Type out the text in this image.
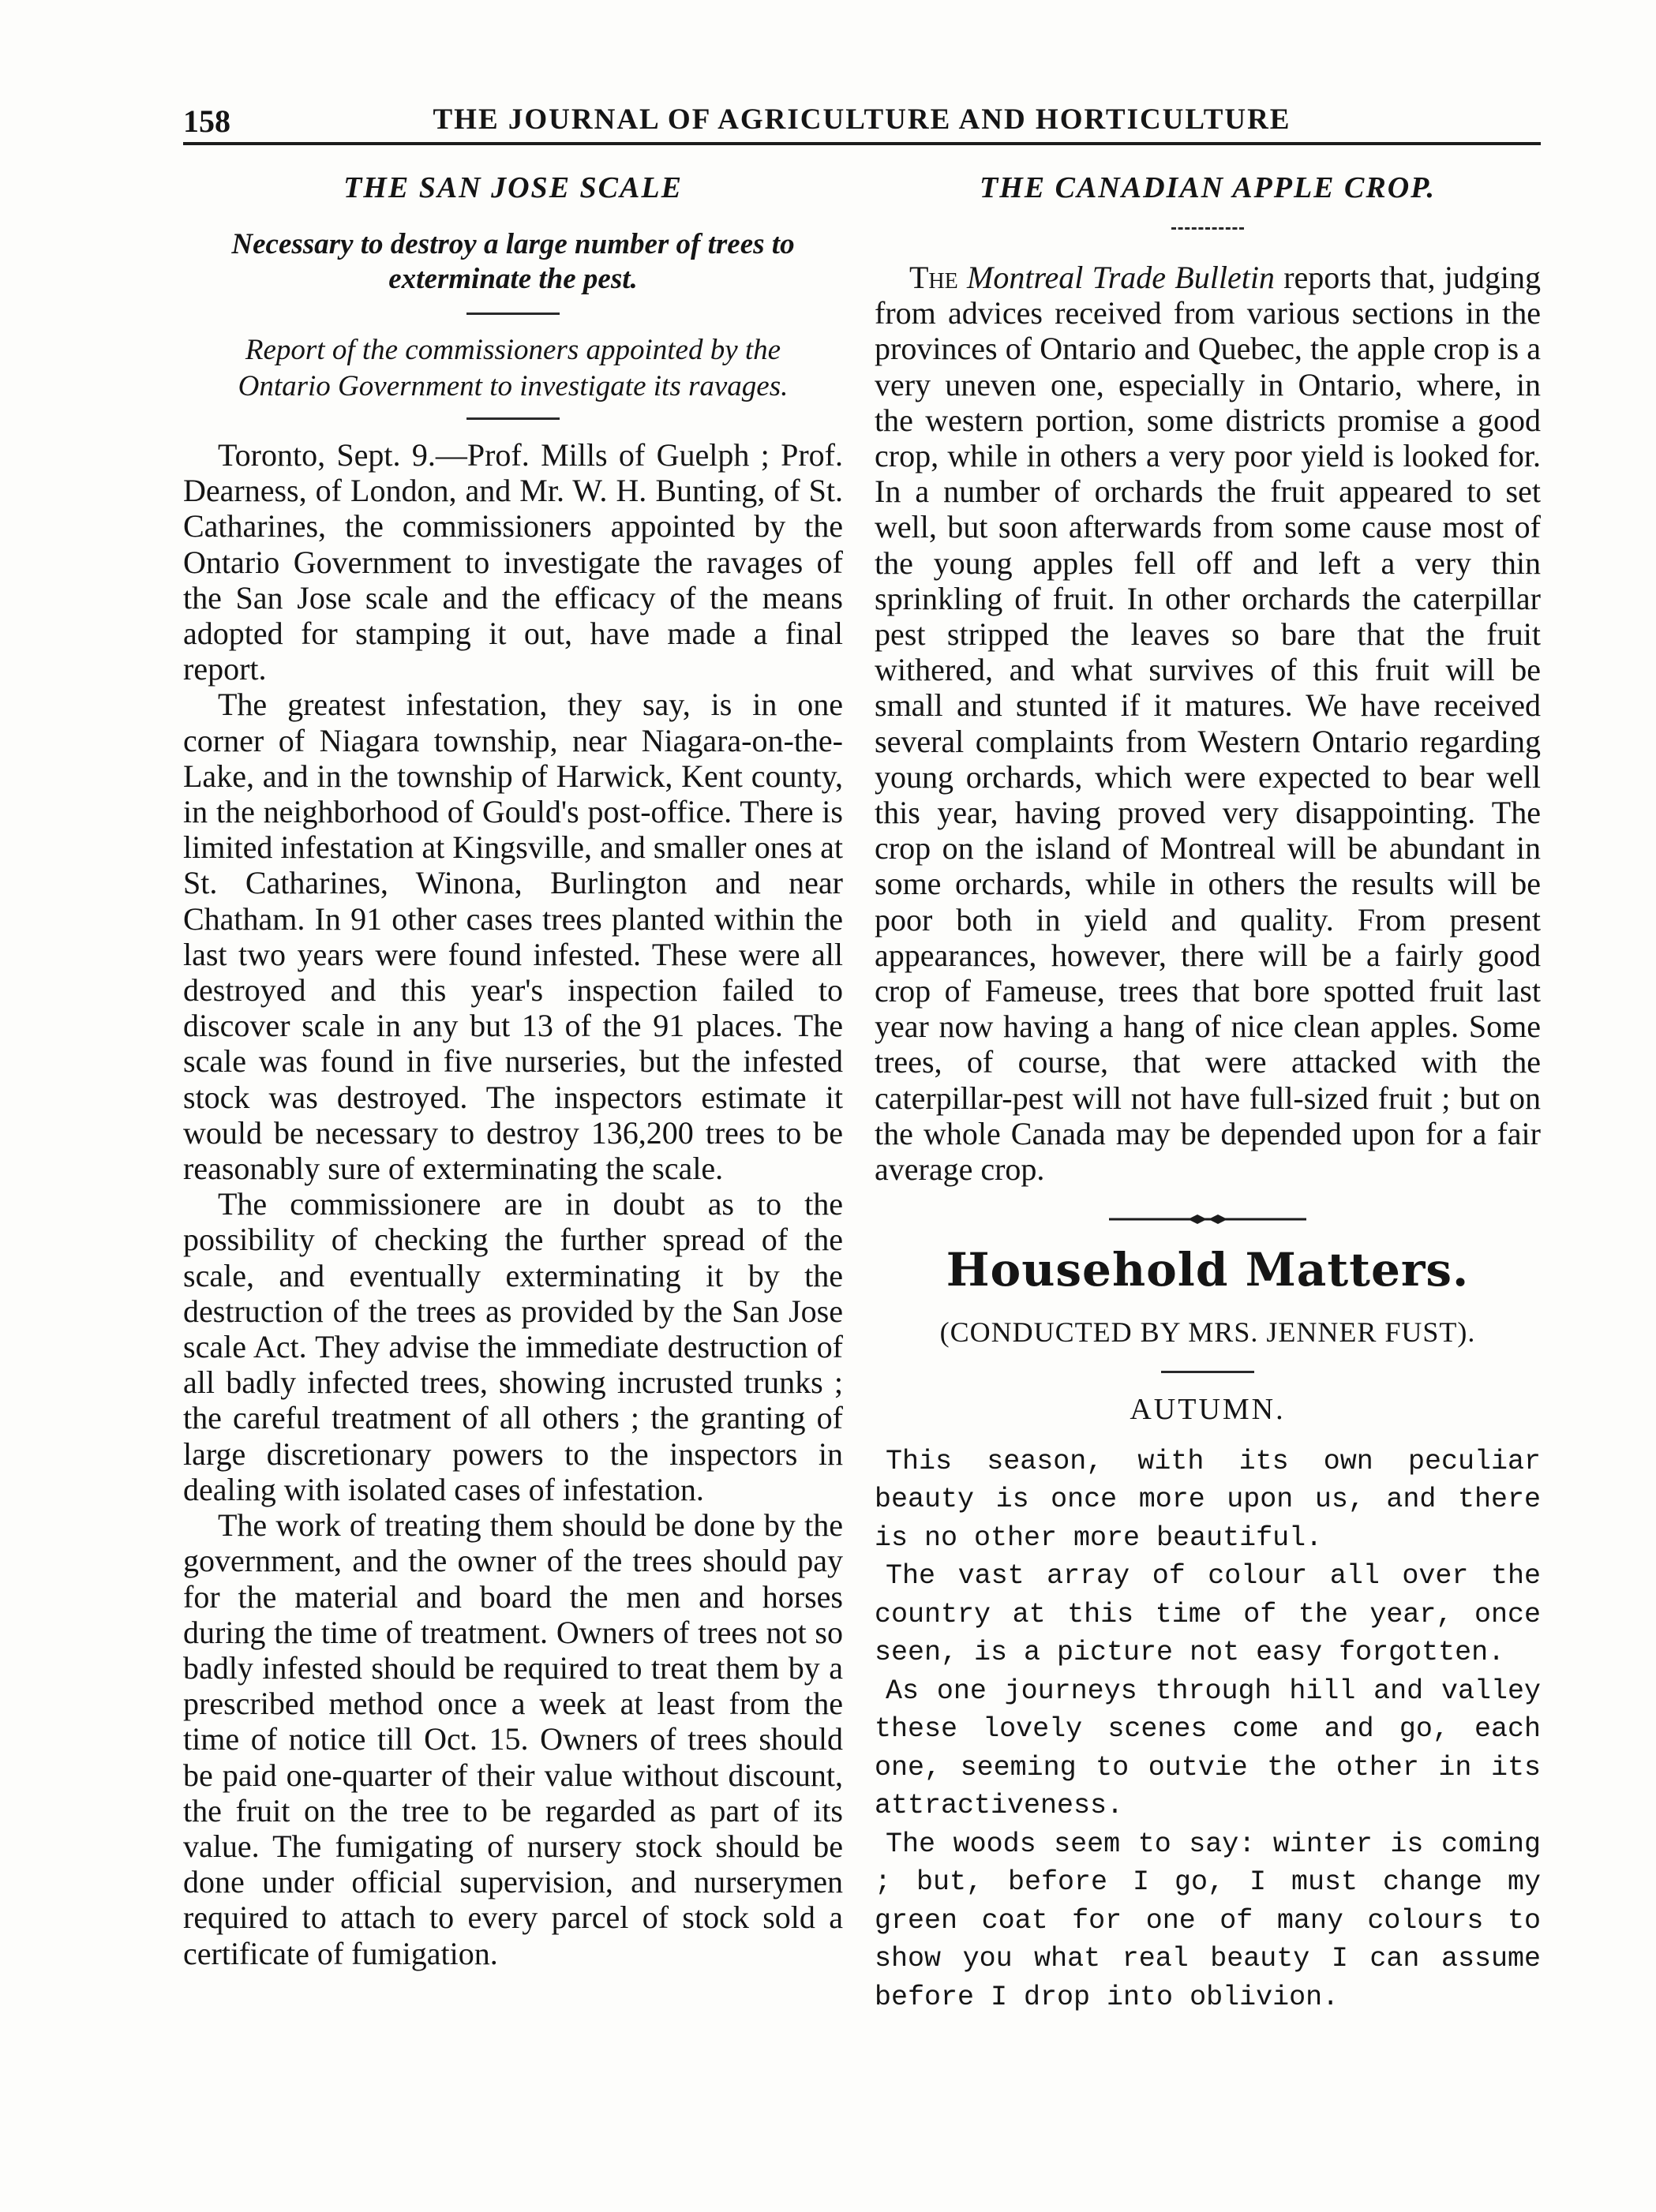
158	THE JOURNAL OF AGRICULTURE AND HORTICULTURE
THE SAN JOSE SCALE
Necessary to destroy a large number of trees to exterminate the pest.
Report of the commissioners appointed by the Ontario Government to investigate its ravages.

Toronto, Sept. 9.—Prof. Mills of Guelph ; Prof. Dearness, of London, and Mr. W. H. Bunting, of St. Catharines, the commissioners appointed by the Ontario Government to investigate the ravages of the San Jose scale and the efficacy of the means adopted for stamping it out, have made a final report.

The greatest infestation, they say, is in one corner of Niagara township, near Niagara-on-the-Lake, and in the township of Harwick, Kent county, in the neighborhood of Gould's post-office. There is limited infestation at Kingsville, and smaller ones at St. Catharines, Winona, Burlington and near Chatham. In 91 other cases trees planted within the last two years were found infested. These were all destroyed and this year's inspection failed to discover scale in any but 13 of the 91 places. The scale was found in five nurseries, but the infested stock was destroyed. The inspectors estimate it would be necessary to destroy 136,200 trees to be reasonably sure of exterminating the scale.

The commissionere are in doubt as to the possibility of checking the further spread of the scale, and eventually exterminating it by the destruction of the trees as provided by the San Jose scale Act. They advise the immediate destruction of all badly infected trees, showing incrusted trunks ; the careful treatment of all others ; the granting of large discretionary powers to the inspectors in dealing with isolated cases of infestation.

The work of treating them should be done by the government, and the owner of the trees should pay for the material and board the men and horses during the time of treatment. Owners of trees not so badly infested should be required to treat them by a prescribed method once a week at least from the time of notice till Oct. 15. Owners of trees should be paid one-quarter of their value without discount, the fruit on the tree to be regarded as part of its value. The fumigating of nursery stock should be done under official supervision, and nurserymen required to attach to every parcel of stock sold a certificate of fumigation.

THE CANADIAN APPLE CROP.

The Montreal Trade Bulletin reports that, judging from advices received from various sections in the provinces of Ontario and Quebec, the apple crop is a very uneven one, especially in Ontario, where, in the western portion, some districts promise a good crop, while in others a very poor yield is looked for. In a number of orchards the fruit appeared to set well, but soon afterwards from some cause most of the young apples fell off and left a very thin sprinkling of fruit. In other orchards the caterpillar pest stripped the leaves so bare that the fruit withered, and what survives of this fruit will be small and stunted if it matures. We have received several complaints from Western Ontario regarding young orchards, which were expected to bear well this year, having proved very disappointing. The crop on the island of Montreal will be abundant in some orchards, while in others the results will be poor both in yield and quality. From present appearances, however, there will be a fairly good crop of Fameuse, trees that bore spotted fruit last year now having a hang of nice clean apples. Some trees, of course, that were attacked with the caterpillar-pest will not have full-sized fruit ; but on the whole Canada may be depended upon for a fair average crop.

Household Matters.
(CONDUCTED BY MRS. JENNER FUST).
AUTUMN.

This season, with its own peculiar beauty is once more upon us, and there is no other more beautiful.

The vast array of colour all over the country at this time of the year, once seen, is a picture not easy forgotten.

As one journeys through hill and valley these lovely scenes come and go, each one, seeming to outvie the other in its attractiveness.

The woods seem to say: winter is coming ; but, before I go, I must change my green coat for one of many colours to show you what real beauty I can assume before I drop into oblivion.
